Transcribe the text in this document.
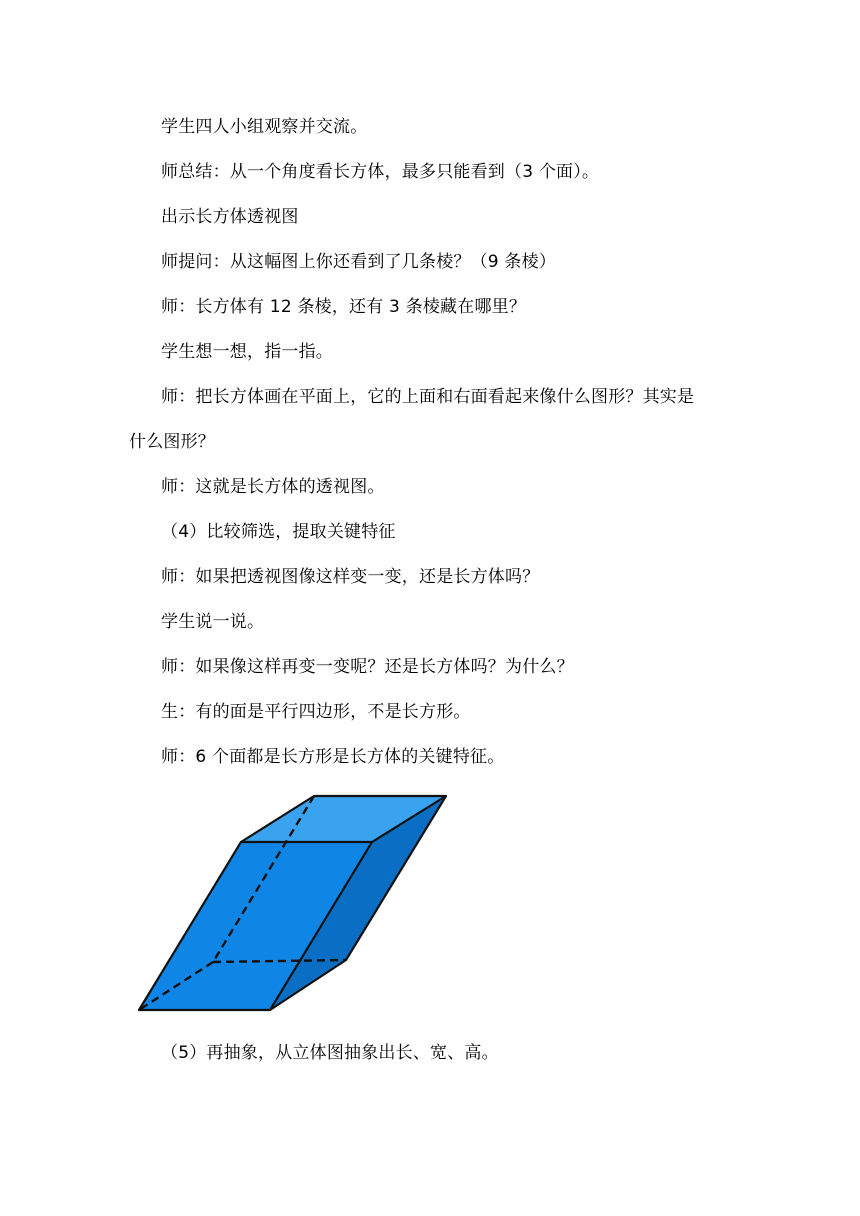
学生四人小组观察并交流。
师总结：从一个角度看长方体，最多只能看到（3 个面）。
出示长方体透视图
师提问：从这幅图上你还看到了几条棱？（9 条棱）
师：长方体有 12 条棱，还有 3 条棱藏在哪里？
学生想一想，指一指。
师：把长方体画在平面上，它的上面和右面看起来像什么图形？其实是
什么图形？
师：这就是长方体的透视图。
（4）比较筛选，提取关键特征
师：如果把透视图像这样变一变，还是长方体吗？
学生说一说。
师：如果像这样再变一变呢？还是长方体吗？为什么？
生：有的面是平行四边形，不是长方形。
师：6 个面都是长方形是长方体的关键特征。
（5）再抽象，从立体图抽象出长、宽、高。
